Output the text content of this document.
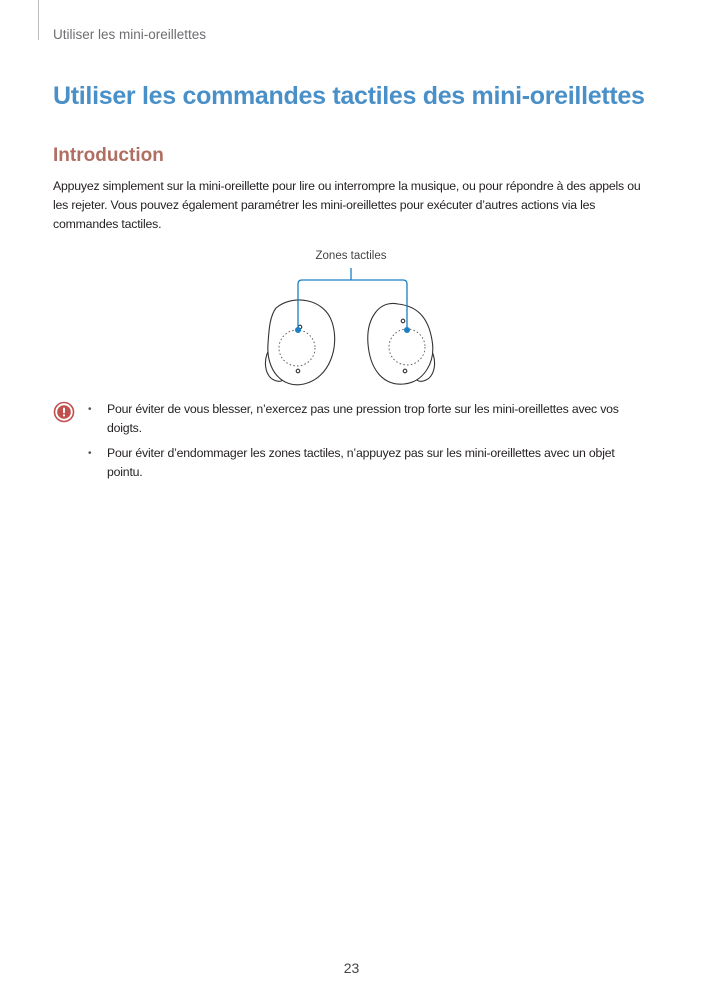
Utiliser les mini-oreillettes
Utiliser les commandes tactiles des mini-oreillettes
Introduction

Appuyez simplement sur la mini-oreillette pour lire ou interrompre la musique, ou pour répondre à des appels ou les rejeter. Vous pouvez également paramétrer les mini-oreillettes pour exécuter d’autres actions via les commandes tactiles.

Zones tactiles
• Pour éviter de vous blesser, n’exercez pas une pression trop forte sur les mini-oreillettes avec vos doigts.
• Pour éviter d’endommager les zones tactiles, n’appuyez pas sur les mini-oreillettes avec un objet pointu.
23
